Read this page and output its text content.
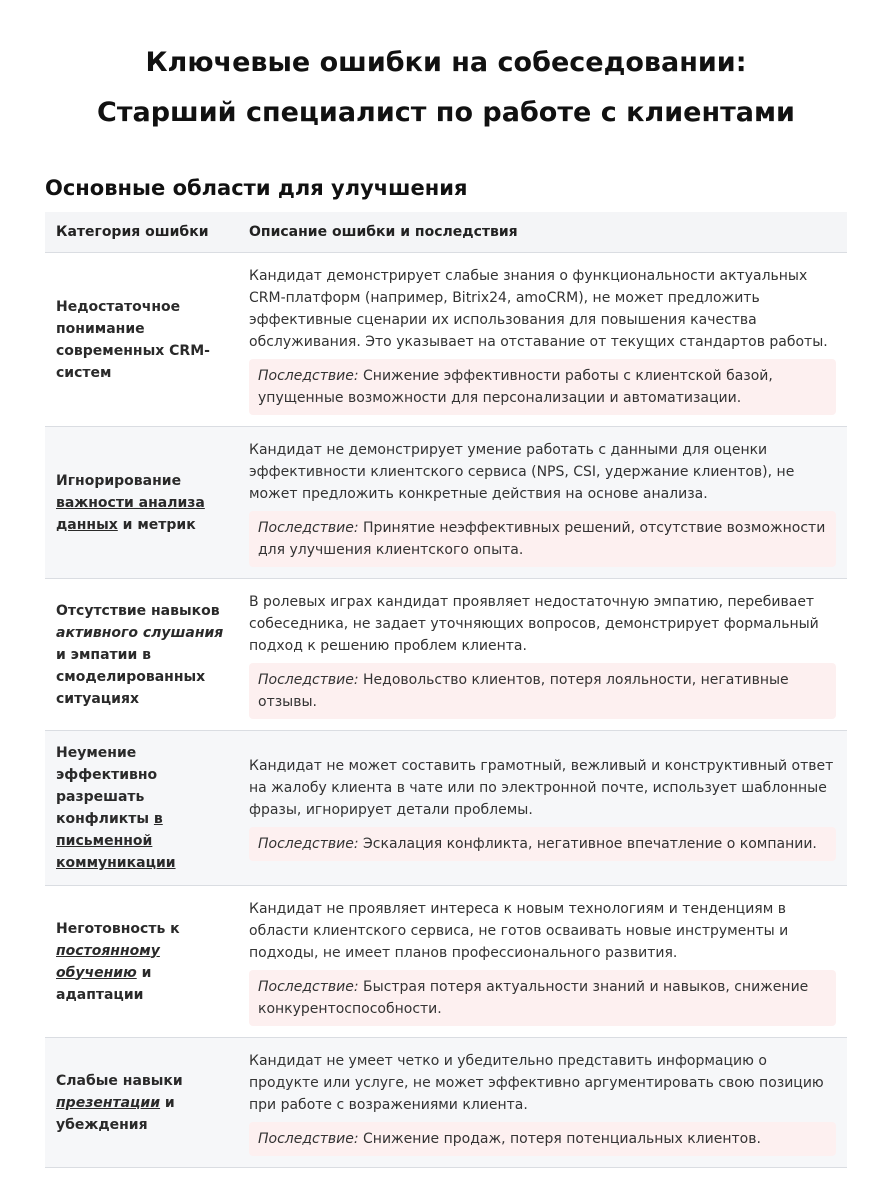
Ключевые ошибки на собеседовании:
Старший специалист по работе с клиентами
Основные области для улучшения
Категория ошибки	Описание ошибки и последствия
Недостаточное понимание современных CRM-систем	Кандидат демонстрирует слабые знания о функциональности актуальных CRM-платформ (например, Bitrix24, amoCRM), не может предложить эффективные сценарии их использования для повышения качества обслуживания. Это указывает на отставание от текущих стандартов работы.
Последствие: Снижение эффективности работы с клиентской базой, упущенные возможности для персонализации и автоматизации.

Игнорирование важности анализа данных и метрик	Кандидат не демонстрирует умение работать с данными для оценки эффективности клиентского сервиса (NPS, CSI, удержание клиентов), не может предложить конкретные действия на основе анализа.
Последствие: Принятие неэффективных решений, отсутствие возможности для улучшения клиентского опыта.

Отсутствие навыков активного слушания и эмпатии в смоделированных ситуациях	В ролевых играх кандидат проявляет недостаточную эмпатию, перебивает собеседника, не задает уточняющих вопросов, демонстрирует формальный подход к решению проблем клиента.
Последствие: Недовольство клиентов, потеря лояльности, негативные отзывы.

Неумение эффективно разрешать конфликты в письменной коммуникации	Кандидат не может составить грамотный, вежливый и конструктивный ответ на жалобу клиента в чате или по электронной почте, использует шаблонные фразы, игнорирует детали проблемы.
Последствие: Эскалация конфликта, негативное впечатление о компании.

Неготовность к постоянному обучению и адаптации	Кандидат не проявляет интереса к новым технологиям и тенденциям в области клиентского сервиса, не готов осваивать новые инструменты и подходы, не имеет планов профессионального развития.
Последствие: Быстрая потеря актуальности знаний и навыков, снижение конкурентоспособности.

Слабые навыки презентации и убеждения	Кандидат не умеет четко и убедительно представить информацию о продукте или услуге, не может эффективно аргументировать свою позицию при работе с возражениями клиента.
Последствие: Снижение продаж, потеря потенциальных клиентов.
